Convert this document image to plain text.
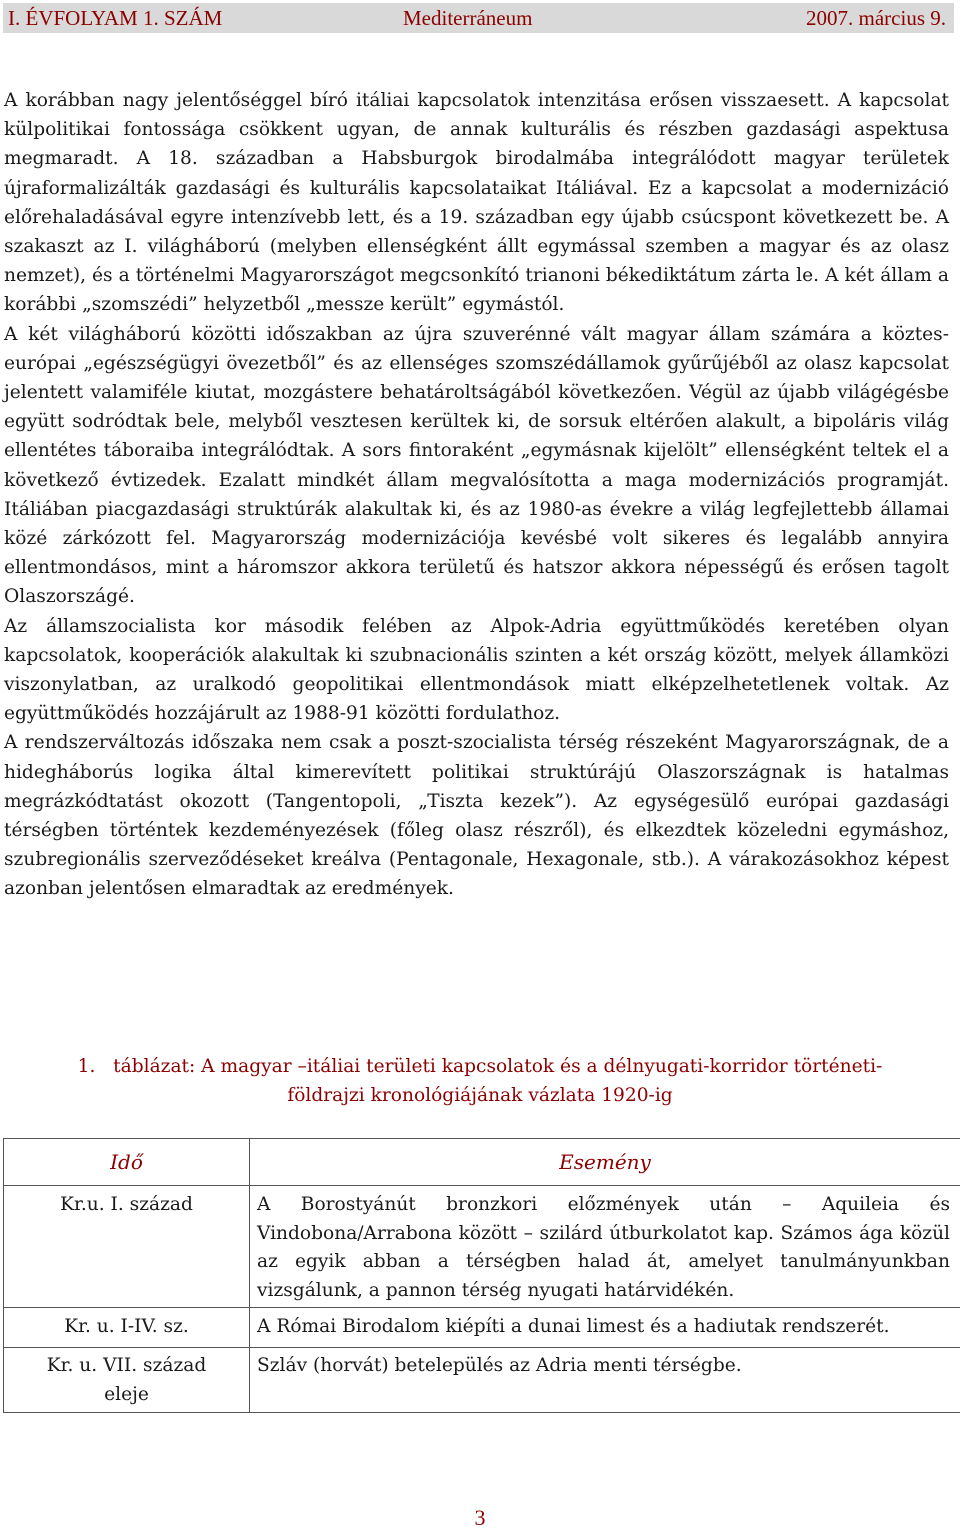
I. ÉVFOLYAM 1. SZÁM	Mediterráneum	2007. március 9.

A korábban nagy jelentőséggel bíró itáliai kapcsolatok intenzitása erősen visszaesett. A kapcsolat külpolitikai fontossága csökkent ugyan, de annak kulturális és részben gazdasági aspektusa megmaradt. A 18. században a Habsburgok birodalmába integrálódott magyar területek újraformalizálták gazdasági és kulturális kapcsolataikat Itáliával. Ez a kapcsolat a modernizáció előrehaladásával egyre intenzívebb lett, és a 19. században egy újabb csúcspont következett be. A szakaszt az I. világháború (melyben ellenségként állt egymással szemben a magyar és az olasz nemzet), és a történelmi Magyarországot megcsonkító trianoni békediktátum zárta le. A két állam a korábbi „szomszédi” helyzetből „messze került” egymástól.

A két világháború közötti időszakban az újra szuverénné vált magyar állam számára a köztes-európai „egészségügyi övezetből” és az ellenséges szomszédállamok gyűrűjéből az olasz kapcsolat jelentett valamiféle kiutat, mozgástere behatároltságából következően. Végül az újabb világégésbe együtt sodródtak bele, melyből vesztesen kerültek ki, de sorsuk eltérően alakult, a bipoláris világ ellentétes táboraiba integrálódtak. A sors fintoraként „egymásnak kijelölt” ellenségként teltek el a következő évtizedek. Ezalatt mindkét állam megvalósította a maga modernizációs programját. Itáliában piacgazdasági struktúrák alakultak ki, és az 1980-as évekre a világ legfejlettebb államai közé zárkózott fel. Magyarország modernizációja kevésbé volt sikeres és legalább annyira ellentmondásos, mint a háromszor akkora területű és hatszor akkora népességű és erősen tagolt Olaszországé.

Az államszocialista kor második felében az Alpok-Adria együttműködés keretében olyan kapcsolatok, kooperációk alakultak ki szubnacionális szinten a két ország között, melyek államközi viszonylatban, az uralkodó geopolitikai ellentmondások miatt elképzelhetetlenek voltak. Az együttműködés hozzájárult az 1988-91 közötti fordulathoz.

A rendszerváltozás időszaka nem csak a poszt-szocialista térség részeként Magyarországnak, de a hidegháborús logika által kimerevített politikai struktúrájú Olaszországnak is hatalmas megrázkódtatást okozott (Tangentopoli, „Tiszta kezek”). Az egységesülő európai gazdasági térségben történtek kezdeményezések (főleg olasz részről), és elkezdtek közeledni egymáshoz, szubregionális szerveződéseket kreálva (Pentagonale, Hexagonale, stb.). A várakozásokhoz képest azonban jelentősen elmaradtak az eredmények.

1. táblázat: A magyar –itáliai területi kapcsolatok és a délnyugati-korridor történeti-
földrajzi kronológiájának vázlata 1920-ig
Idő	Esemény
Kr.u. I. század	A Borostyánút bronzkori előzmények után – Aquileia és Vindobona/Arrabona között – szilárd útburkolatot kap. Számos ága közül az egyik abban a térségben halad át, amelyet tanulmányunkban vizsgálunk, a pannon térség nyugati határvidékén.
Kr. u. I-IV. sz.	A Római Birodalom kiépíti a dunai limest és a hadiutak rendszerét.
Kr. u. VII. század eleje	Szláv (horvát) betelepülés az Adria menti térségbe.
3
